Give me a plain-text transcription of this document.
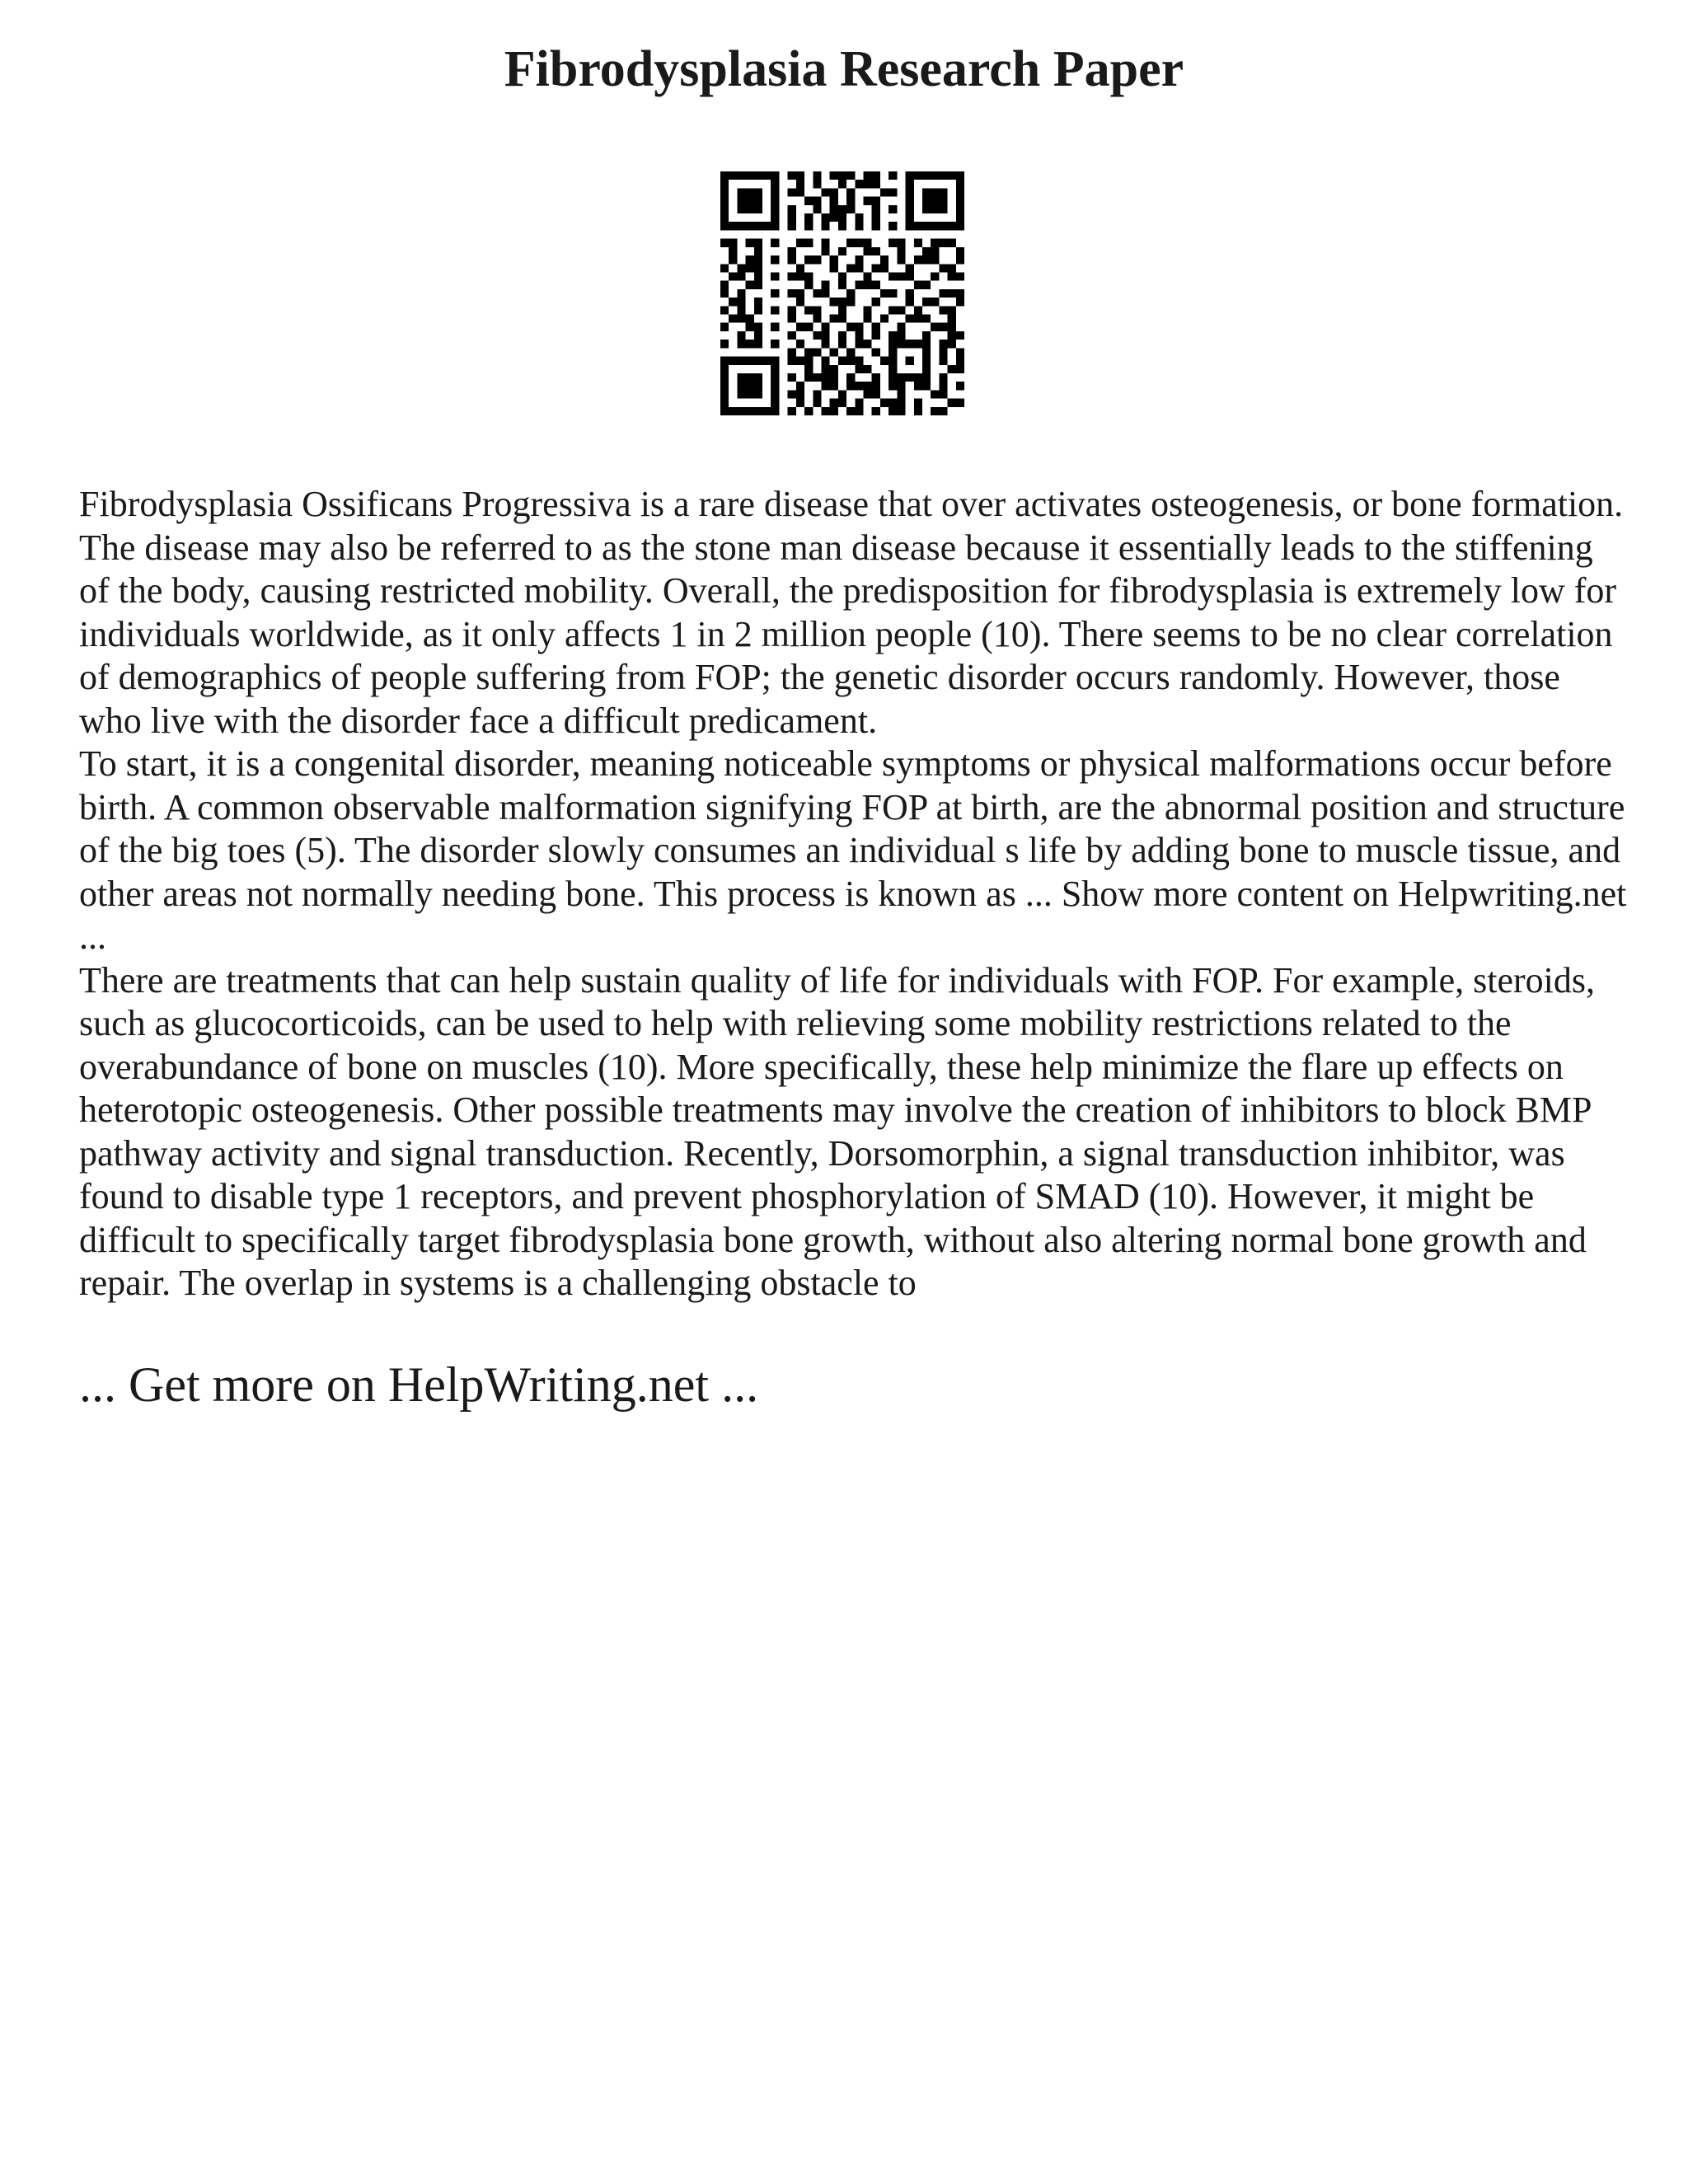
Fibrodysplasia Research Paper

Fibrodysplasia Ossificans Progressiva is a rare disease that over activates osteogenesis, or bone formation. The disease may also be referred to as the stone man disease because it essentially leads to the stiffening of the body, causing restricted mobility. Overall, the predisposition for fibrodysplasia is extremely low for individuals worldwide, as it only affects 1 in 2 million people (10). There seems to be no clear correlation of demographics of people suffering from FOP; the genetic disorder occurs randomly. However, those who live with the disorder face a difficult predicament.

To start, it is a congenital disorder, meaning noticeable symptoms or physical malformations occur before birth. A common observable malformation signifying FOP at birth, are the abnormal position and structure of the big toes (5). The disorder slowly consumes an individual s life by adding bone to muscle tissue, and other areas not normally needing bone. This process is known as ... Show more content on Helpwriting.net ...

There are treatments that can help sustain quality of life for individuals with FOP. For example, steroids, such as glucocorticoids, can be used to help with relieving some mobility restrictions related to the overabundance of bone on muscles (10). More specifically, these help minimize the flare up effects on heterotopic osteogenesis. Other possible treatments may involve the creation of inhibitors to block BMP pathway activity and signal transduction. Recently, Dorsomorphin, a signal transduction inhibitor, was found to disable type 1 receptors, and prevent phosphorylation of SMAD (10). However, it might be difficult to specifically target fibrodysplasia bone growth, without also altering normal bone growth and repair. The overlap in systems is a challenging obstacle to

... Get more on HelpWriting.net ...
